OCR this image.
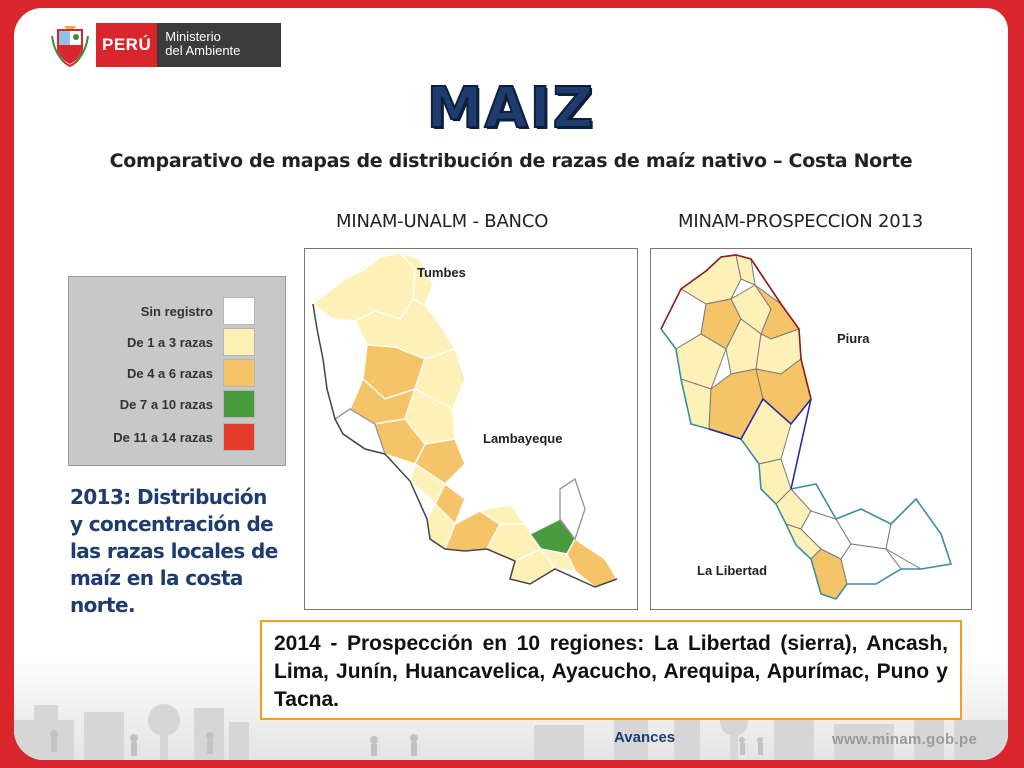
PERÚ	Ministerio
del Ambiente
MAIZ
Comparativo de mapas de distribución de razas de maíz nativo – Costa Norte
MINAM-UNALM - BANCO	MINAM-PROSPECCION 2013
Tumbes
Lambayeque
Piura
La Libertad
Sin registro
De 1 a 3 razas
De 4 a 6 razas
De 7 a 10 razas
De 11 a 14 razas
2013: Distribución y concentración de las razas locales de maíz en la costa norte.
2014 - Prospección en 10 regiones: La Libertad (sierra), Ancash, Lima, Junín, Huancavelica, Ayacucho, Arequipa, Apurímac, Puno y Tacna.
Avances	www.minam.gob.pe
